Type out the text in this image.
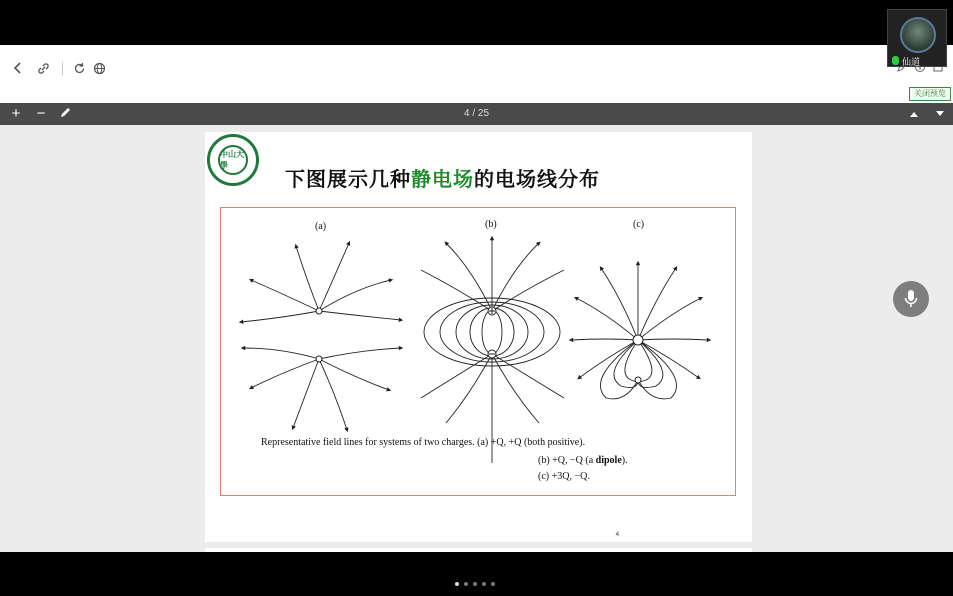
关闭预览
+	−	4 / 25
中山大學
下图展示几种静电场的电场线分布
(a)	(b)	(c)
Representative field lines for systems of two charges. (a) +Q, +Q (both positive).
(b) +Q, −Q (a dipole).
(c) +3Q, −Q.
4
仙道
